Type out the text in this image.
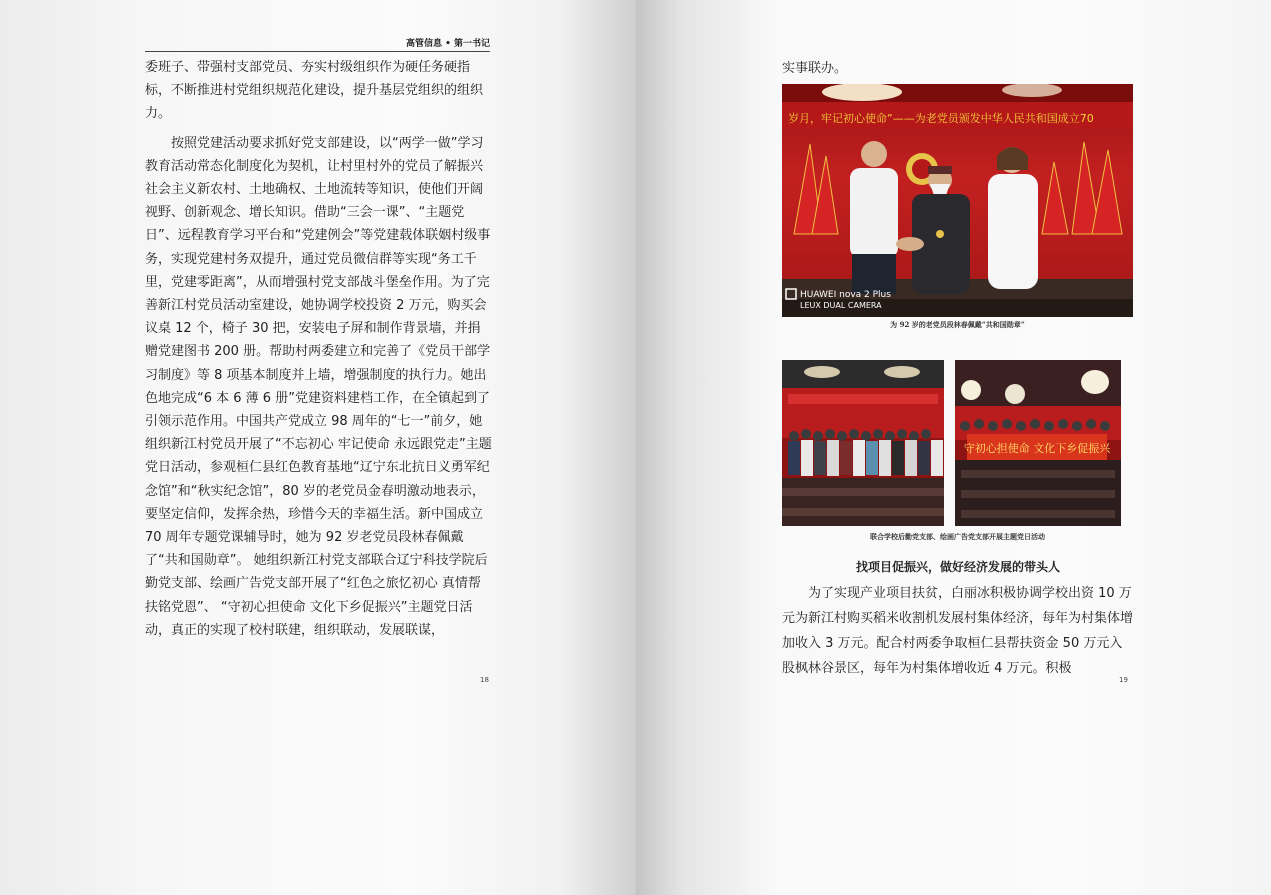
高管信息 • 第一书记

委班子、带强村支部党员、夯实村级组织作为硬任务硬指标，不断推进村党组织规范化建设，提升基层党组织的组织力。

按照党建活动要求抓好党支部建设，以“两学一做”学习教育活动常态化制度化为契机，让村里村外的党员了解振兴社会主义新农村、土地确权、土地流转等知识，使他们开阔视野、创新观念、增长知识。借助“三会一课”、“主题党日”、远程教育学习平台和“党建例会”等党建载体联姻村级事务，实现党建村务双提升，通过党员微信群等实现“务工千里，党建零距离”，从而增强村党支部战斗堡垒作用。为了完善新江村党员活动室建设，她协调学校投资 2 万元，购买会议桌 12 个，椅子 30 把，安装电子屏和制作背景墙，并捐赠党建图书 200 册。帮助村两委建立和完善了《党员干部学习制度》等 8 项基本制度并上墙，增强制度的执行力。她出色地完成“6 本 6 薄 6 册”党建资料建档工作，在全镇起到了引领示范作用。中国共产党成立 98 周年的“七一”前夕，她组织新江村党员开展了“不忘初心 牢记使命 永远跟党走”主题党日活动，参观桓仁县红色教育基地“辽宁东北抗日义勇军纪念馆”和“秋实纪念馆”，80 岁的老党员金春明激动地表示，要坚定信仰，发挥余热，珍惜今天的幸福生活。新中国成立 70 周年专题党课辅导时，她为 92 岁老党员段林春佩戴了“共和国勋章”。 她组织新江村党支部联合辽宁科技学院后勤党支部、绘画广告党支部开展了“红色之旅忆初心 真情帮扶铭党恩”、 “守初心担使命 文化下乡促振兴”主题党日活动，真正的实现了校村联建，组织联动，发展联谋，

18
实事联办。
岁月，牢记初心使命”——为老党员颁发中华人民共和国成立70
HUAWEI nova 2 Plus
LEUX DUAL CAMERA
为 92 岁的老党员段林春佩戴“共和国勋章”
守初心担使命 文化下乡促振兴
联合学校后勤党支部、绘画广告党支部开展主题党日活动
找项目促振兴，做好经济发展的带头人
为了实现产业项目扶贫，白丽冰积极协调学校出资 10 万元为新江村购买稻米收割机发展村集体经济，每年为村集体增加收入 3 万元。配合村两委争取桓仁县帮扶资金 50 万元入股枫林谷景区，每年为村集体增收近 4 万元。积极
19
